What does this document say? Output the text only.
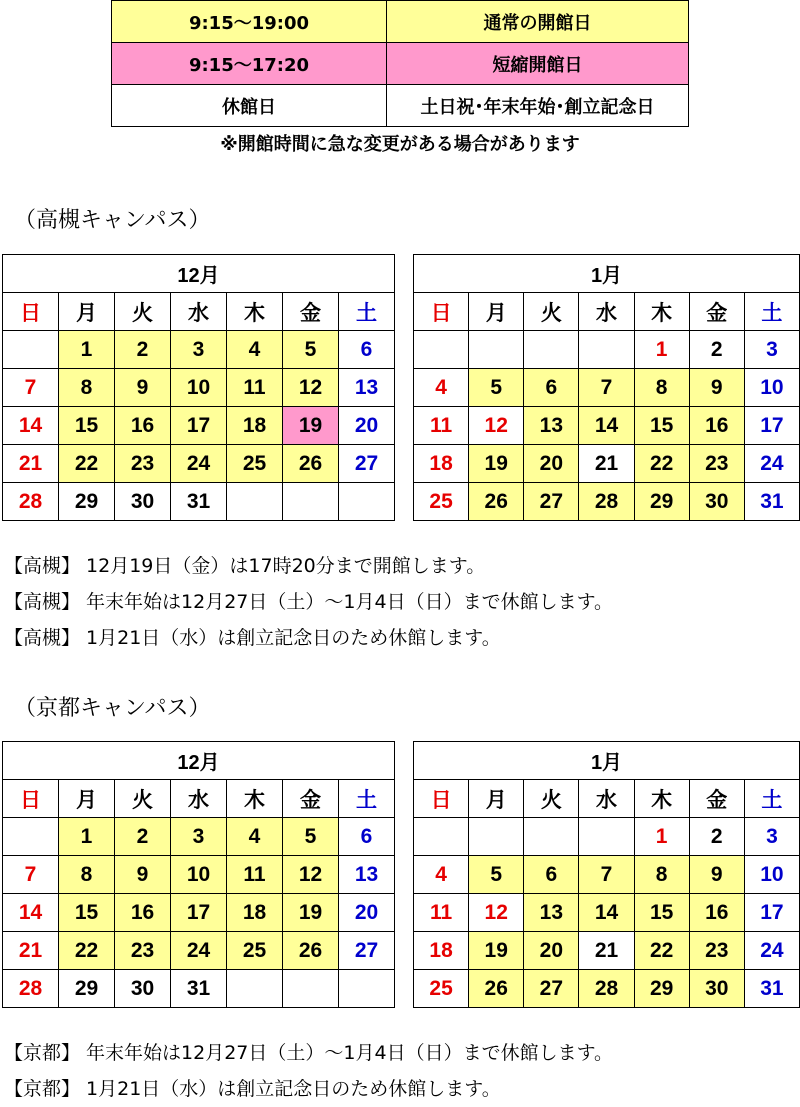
9:15〜19:00	通常の開館日
9:15〜17:20	短縮開館日
休館日	土日祝･年末年始･創立記念日
※開館時間に急な変更がある場合があります
（高槻キャンパス）
12月						
日	月	火	水	木	金	土
	1	2	3	4	5	6
7	8	9	10	11	12	13
14	15	16	17	18	19	20
21	22	23	24	25	26	27
28	29	30	31			
1月						
日	月	火	水	木	金	土
				1	2	3
4	5	6	7	8	9	10
11	12	13	14	15	16	17
18	19	20	21	22	23	24
25	26	27	28	29	30	31
【高槻】 12月19日（金）は17時20分まで開館します。
【高槻】 年末年始は12月27日（土）〜1月4日（日）まで休館します。
【高槻】 1月21日（水）は創立記念日のため休館します。
（京都キャンパス）
12月						
日	月	火	水	木	金	土
	1	2	3	4	5	6
7	8	9	10	11	12	13
14	15	16	17	18	19	20
21	22	23	24	25	26	27
28	29	30	31			
1月						
日	月	火	水	木	金	土
				1	2	3
4	5	6	7	8	9	10
11	12	13	14	15	16	17
18	19	20	21	22	23	24
25	26	27	28	29	30	31
【京都】 年末年始は12月27日（土）〜1月4日（日）まで休館します。
【京都】 1月21日（水）は創立記念日のため休館します。
